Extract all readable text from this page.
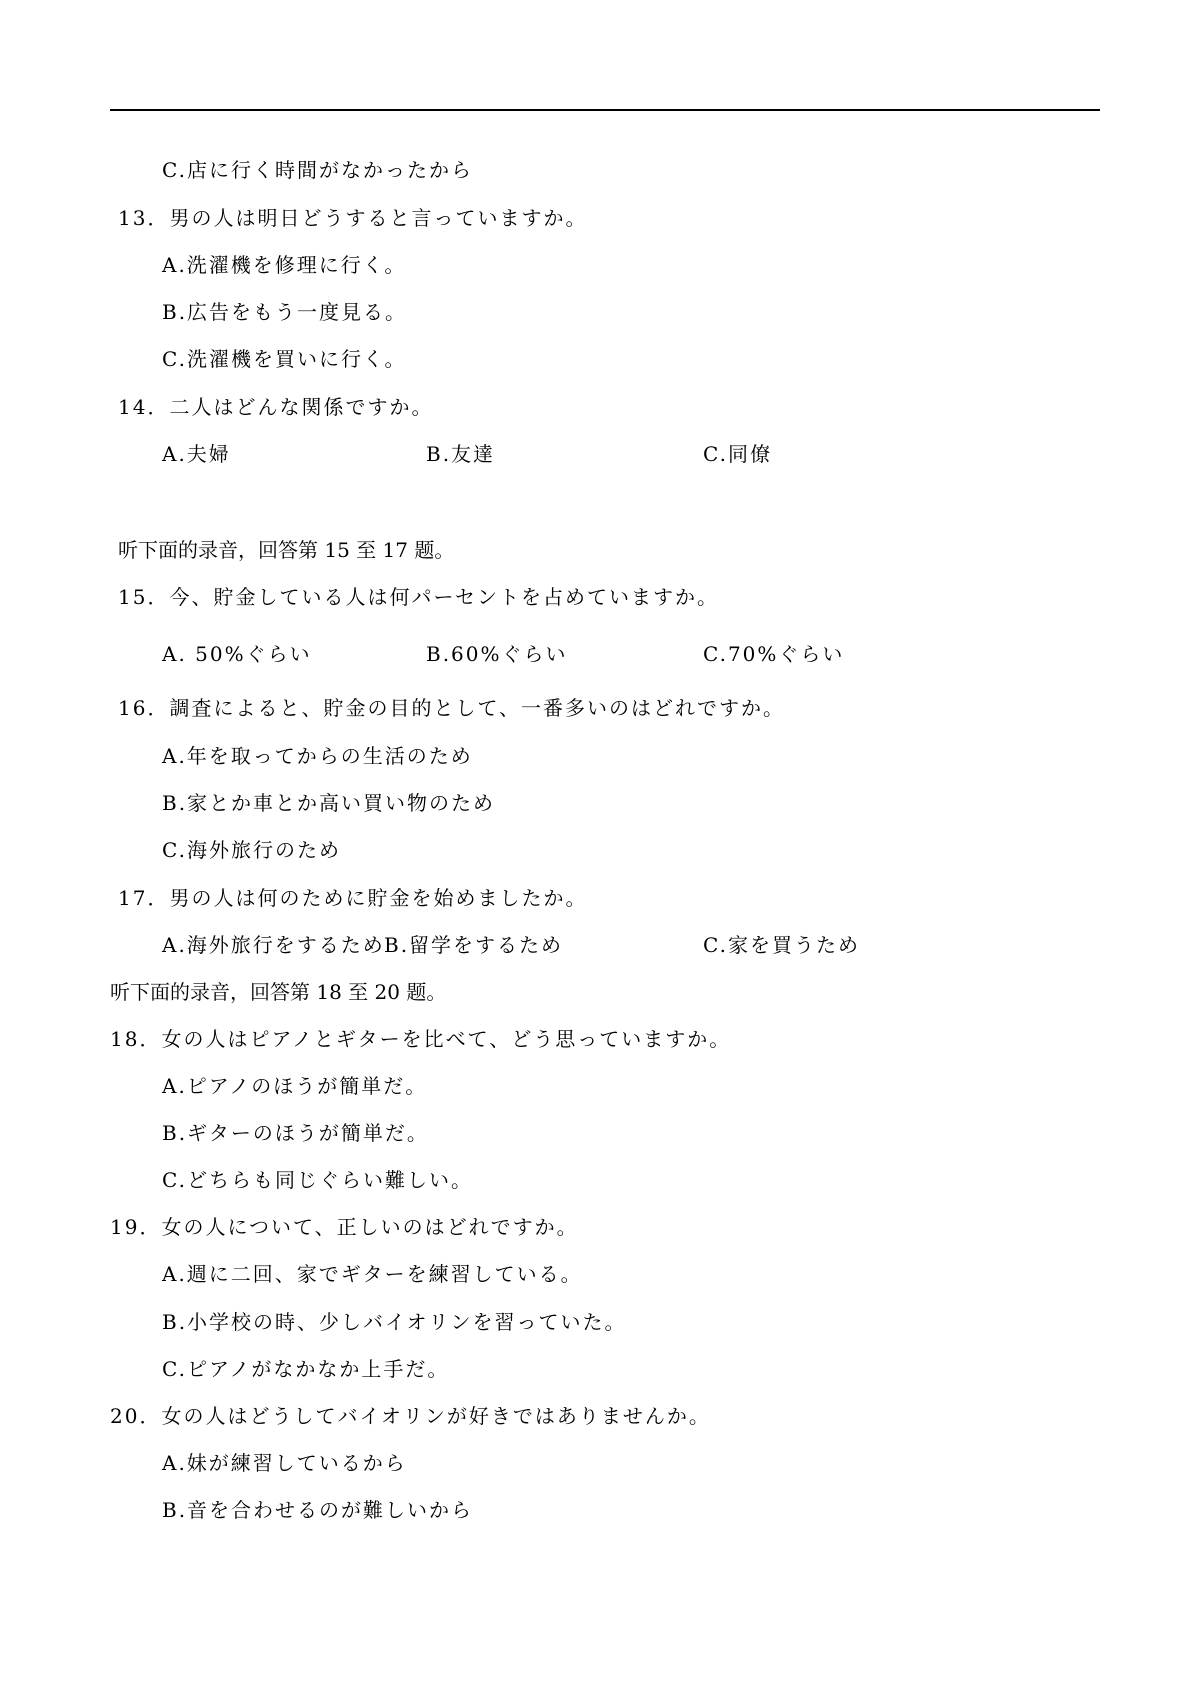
C.店に行く時間がなかったから
13．男の人は明日どうすると言っていますか。
A.洗濯機を修理に行く。
B.広告をもう一度見る。
C.洗濯機を買いに行く。
14．二人はどんな関係ですか。
A.夫婦	B.友達	C.同僚
听下面的录音，回答第 15 至 17 题。
15．今、貯金している人は何パーセントを占めていますか。
A. 50%ぐらい	B.60%ぐらい	C.70%ぐらい
16．調査によると、貯金の目的として、一番多いのはどれですか。
A.年を取ってからの生活のため
B.家とか車とか高い買い物のため
C.海外旅行のため
17．男の人は何のために貯金を始めましたか。
A.海外旅行をするため B.留学をするため	C.家を買うため
听下面的录音，回答第 18 至 20 题。
18．女の人はピアノとギターを比べて、どう思っていますか。
A.ピアノのほうが簡単だ。
B.ギターのほうが簡単だ。
C.どちらも同じぐらい難しい。
19．女の人について、正しいのはどれですか。
A.週に二回、家でギターを練習している。
B.小学校の時、少しバイオリンを習っていた。
C.ピアノがなかなか上手だ。
20．女の人はどうしてバイオリンが好きではありませんか。
A.妹が練習しているから
B.音を合わせるのが難しいから
